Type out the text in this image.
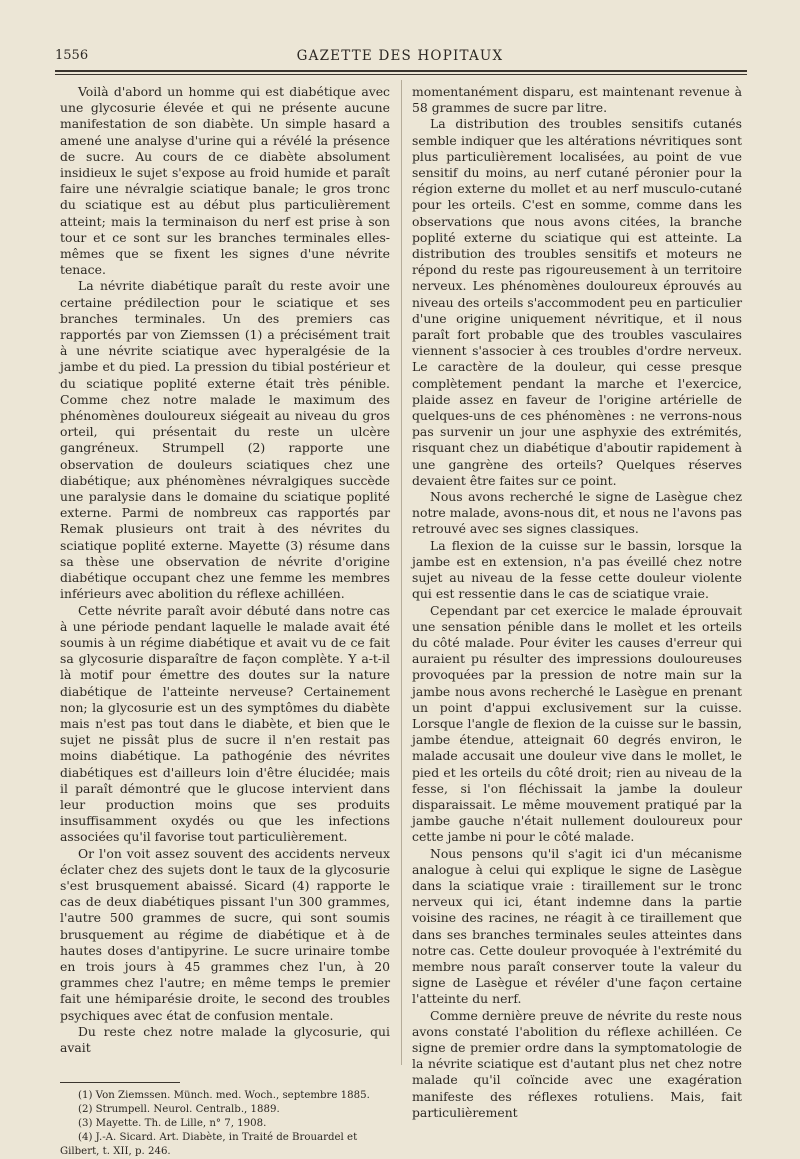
1556	GAZETTE DES HOPITAUX

Voilà d'abord un homme qui est diabétique avec une glycosurie élevée et qui ne présente aucune manifestation de son diabète. Un simple hasard a amené une analyse d'urine qui a révélé la présence de sucre. Au cours de ce diabète absolument insidieux le sujet s'expose au froid humide et paraît faire une névralgie sciatique banale; le gros tronc du sciatique est au début plus particulièrement atteint; mais la terminaison du nerf est prise à son tour et ce sont sur les branches terminales elles-mêmes que se fixent les signes d'une névrite tenace.

La névrite diabétique paraît du reste avoir une certaine prédilection pour le sciatique et ses branches terminales. Un des premiers cas rapportés par von Ziemssen (1) a précisément trait à une névrite sciatique avec hyperalgésie de la jambe et du pied. La pression du tibial postérieur et du sciatique poplité externe était très pénible. Comme chez notre malade le maximum des phénomènes douloureux siégeait au niveau du gros orteil, qui présentait du reste un ulcère gangréneux. Strumpell (2) rapporte une observation de douleurs sciatiques chez une diabétique; aux phénomènes névralgiques succède une paralysie dans le domaine du sciatique poplité externe. Parmi de nombreux cas rapportés par Remak plusieurs ont trait à des névrites du sciatique poplité externe. Mayette (3) résume dans sa thèse une observation de névrite d'origine diabétique occupant chez une femme les membres inférieurs avec abolition du réflexe achilléen.

Cette névrite paraît avoir débuté dans notre cas à une période pendant laquelle le malade avait été soumis à un régime diabétique et avait vu de ce fait sa glycosurie disparaître de façon complète. Y a-t-il là motif pour émettre des doutes sur la nature diabétique de l'atteinte nerveuse? Certainement non; la glycosurie est un des symptômes du diabète mais n'est pas tout dans le diabète, et bien que le sujet ne pissât plus de sucre il n'en restait pas moins diabétique. La pathogénie des névrites diabétiques est d'ailleurs loin d'être élucidée; mais il paraît démontré que le glucose intervient dans leur production moins que ses produits insuffisamment oxydés ou que les infections associées qu'il favorise tout particulièrement.

Or l'on voit assez souvent des accidents nerveux éclater chez des sujets dont le taux de la glycosurie s'est brusquement abaissé. Sicard (4) rapporte le cas de deux diabétiques pissant l'un 300 grammes, l'autre 500 grammes de sucre, qui sont soumis brusquement au régime de diabétique et à de hautes doses d'antipyrine. Le sucre urinaire tombe en trois jours à 45 grammes chez l'un, à 20 grammes chez l'autre; en même temps le premier fait une hémiparésie droite, le second des troubles psychiques avec état de confusion mentale.

Du reste chez notre malade la glycosurie, qui avait

(1) Von Ziemssen. Münch. med. Woch., septembre 1885.

(2) Strumpell. Neurol. Centralb., 1889.

(3) Mayette. Th. de Lille, n° 7, 1908.

(4) J.-A. Sicard. Art. Diabète, in Traité de Brouardel et Gilbert, t. XII, p. 246.

momentanément disparu, est maintenant revenue à 58 grammes de sucre par litre.

La distribution des troubles sensitifs cutanés semble indiquer que les altérations névritiques sont plus particulièrement localisées, au point de vue sensitif du moins, au nerf cutané péronier pour la région externe du mollet et au nerf musculo-cutané pour les orteils. C'est en somme, comme dans les observations que nous avons citées, la branche poplité externe du sciatique qui est atteinte. La distribution des troubles sensitifs et moteurs ne répond du reste pas rigoureusement à un territoire nerveux. Les phénomènes douloureux éprouvés au niveau des orteils s'accommodent peu en particulier d'une origine uniquement névritique, et il nous paraît fort probable que des troubles vasculaires viennent s'associer à ces troubles d'ordre nerveux. Le caractère de la douleur, qui cesse presque complètement pendant la marche et l'exercice, plaide assez en faveur de l'origine artérielle de quelques-uns de ces phénomènes : ne verrons-nous pas survenir un jour une asphyxie des extrémités, risquant chez un diabétique d'aboutir rapidement à une gangrène des orteils? Quelques réserves devaient être faites sur ce point.

Nous avons recherché le signe de Lasègue chez notre malade, avons-nous dit, et nous ne l'avons pas retrouvé avec ses signes classiques.

La flexion de la cuisse sur le bassin, lorsque la jambe est en extension, n'a pas éveillé chez notre sujet au niveau de la fesse cette douleur violente qui est ressentie dans le cas de sciatique vraie.

Cependant par cet exercice le malade éprouvait une sensation pénible dans le mollet et les orteils du côté malade. Pour éviter les causes d'erreur qui auraient pu résulter des impressions douloureuses provoquées par la pression de notre main sur la jambe nous avons recherché le Lasègue en prenant un point d'appui exclusivement sur la cuisse. Lorsque l'angle de flexion de la cuisse sur le bassin, jambe étendue, atteignait 60 degrés environ, le malade accusait une douleur vive dans le mollet, le pied et les orteils du côté droit; rien au niveau de la fesse, si l'on fléchissait la jambe la douleur disparaissait. Le même mouvement pratiqué par la jambe gauche n'était nullement douloureux pour cette jambe ni pour le côté malade.

Nous pensons qu'il s'agit ici d'un mécanisme analogue à celui qui explique le signe de Lasègue dans la sciatique vraie : tiraillement sur le tronc nerveux qui ici, étant indemne dans la partie voisine des racines, ne réagit à ce tiraillement que dans ses branches terminales seules atteintes dans notre cas. Cette douleur provoquée à l'extrémité du membre nous paraît conserver toute la valeur du signe de Lasègue et révéler d'une façon certaine l'atteinte du nerf.

Comme dernière preuve de névrite du reste nous avons constaté l'abolition du réflexe achilléen. Ce signe de premier ordre dans la symptomatologie de la névrite sciatique est d'autant plus net chez notre malade qu'il coïncide avec une exagération manifeste des réflexes rotuliens. Mais, fait particulièrement
